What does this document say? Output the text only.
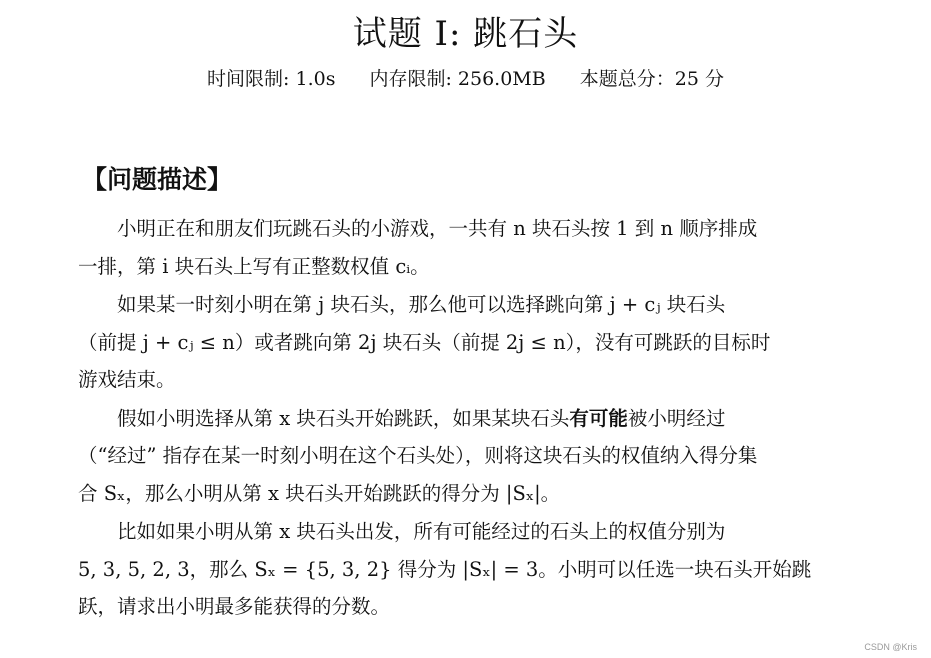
试题 I: 跳石头
时间限制: 1.0s 内存限制: 256.0MB 本题总分：25 分
【问题描述】

小明正在和朋友们玩跳石头的小游戏，一共有 n 块石头按 1 到 n 顺序排成
一排，第 i 块石头上写有正整数权值 cᵢ。

如果某一时刻小明在第 j 块石头，那么他可以选择跳向第 j + cⱼ 块石头
（前提 j + cⱼ ≤ n）或者跳向第 2j 块石头（前提 2j ≤ n），没有可跳跃的目标时
游戏结束。

假如小明选择从第 x 块石头开始跳跃，如果某块石头有可能被小明经过
（“经过” 指存在某一时刻小明在这个石头处），则将这块石头的权值纳入得分集
合 Sₓ，那么小明从第 x 块石头开始跳跃的得分为 |Sₓ|。

比如如果小明从第 x 块石头出发，所有可能经过的石头上的权值分别为
5, 3, 5, 2, 3，那么 Sₓ = {5, 3, 2} 得分为 |Sₓ| = 3。小明可以任选一块石头开始跳
跃，请求出小明最多能获得的分数。

CSDN @Kris
